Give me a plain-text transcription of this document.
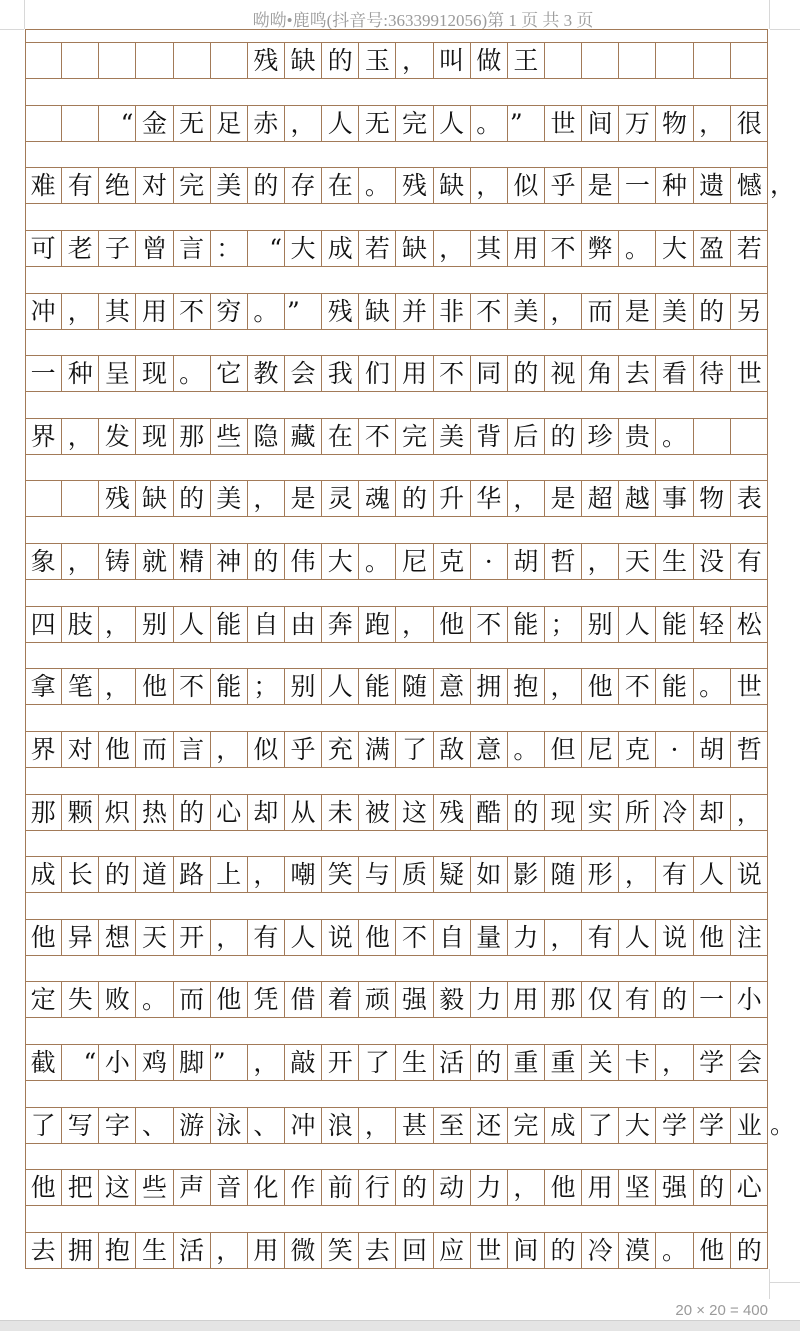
呦呦•鹿鸣(抖音号:36339912056)第 1 页 共 3 页
残 缺 的 玉 ， 叫 做 王
“ 金 无 足 赤 ， 人 无 完 人 。 ”	世 间 万 物 ， 很
难 有 绝 对 完 美 的 存 在 。 残 缺 ， 似 乎 是 一 种 遗 憾
可 老 子 曾 言 ：	“ 大 成 若 缺 ， 其 用 不 弊 。 大 盈 若
冲 ， 其 用 不 穷 。 ”	残 缺 并 非 不 美 ， 而 是 美 的 另
一 种 呈 现 。 它 教 会 我 们 用 不 同 的 视 角 去 看 待 世
界 ， 发 现 那 些 隐 藏 在 不 完 美 背 后 的 珍 贵 。
残 缺 的 美 ， 是 灵 魂 的 升 华 ， 是 超 越 事 物 表
象 ， 铸 就 精 神 的 伟 大 。 尼 克 · 胡 哲 ， 天 生 没 有
四 肢 ， 别 人 能 自 由 奔 跑 ， 他 不 能 ； 别 人 能 轻 松
拿 笔 ， 他 不 能 ； 别 人 能 随 意 拥 抱 ， 他 不 能 。 世
界 对 他 而 言 ， 似 乎 充 满 了 敌 意 。 但 尼 克 · 胡 哲
那 颗 炽 热 的 心 却 从 未 被 这 残 酷 的 现 实 所 冷 却 ，
成 长 的 道 路 上 ， 嘲 笑 与 质 疑 如 影 随 形 ， 有 人 说
他 异 想 天 开 ， 有 人 说 他 不 自 量 力 ， 有 人 说 他 注
定 失 败 。 而 他 凭 借 着 顽 强 毅 力 用 那 仅 有 的 一 小
截	“ 小 鸡 脚 ”	， 敲 开 了 生 活 的 重 重 关 卡 ， 学 会
了 写 字 、 游 泳 、 冲 浪 ， 甚 至 还 完 成 了 大 学 学 业
他 把 这 些 声 音 化 作 前 行 的 动 力 ， 他 用 坚 强 的 心
去 拥 抱 生 活 ， 用 微 笑 去 回 应 世 间 的 冷 漠 。 他 的
20 × 20 = 400
，
。
